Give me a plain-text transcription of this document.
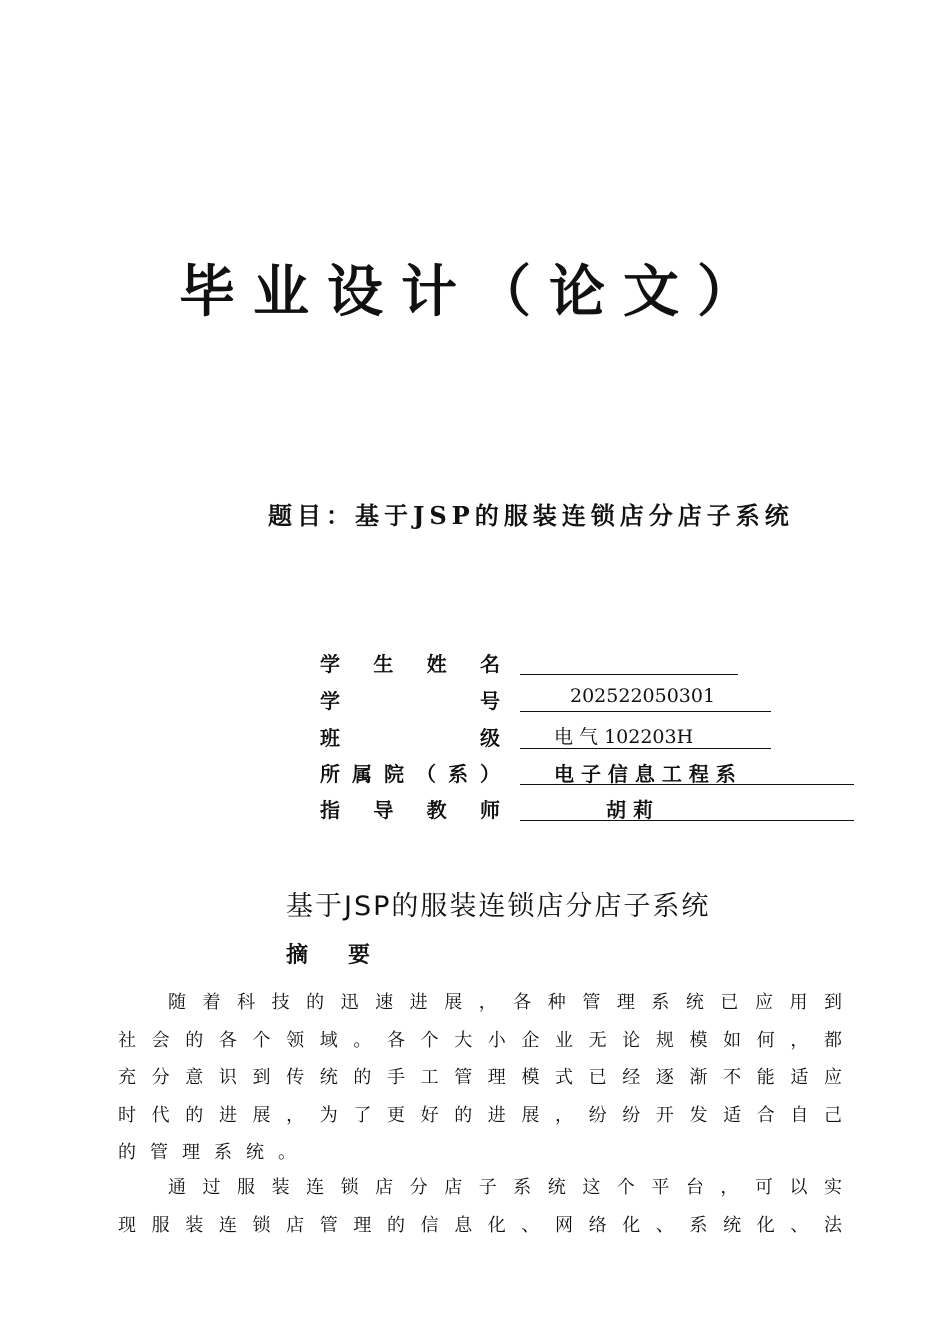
毕业设计（论文）
题目：基于JSP的服装连锁店分店子系统
学 生 姓 名
学	号	202522050301
班	级	电 气 102203H
所 属 院 （ 系 ）	电 子 信 息 工 程 系
指 导 教 师	胡 莉
基于JSP的服装连锁店分店子系统
摘 要
随着科技的迅速进展，各种管理系统已应用到
社会的各个领域。各个大小企业无论规模如何，都
充分意识到传统的手工管理模式已经逐渐不能适应
时代的进展，为了更好的进展，纷纷开发适合自己
的管理系统。
通过服装连锁店分店子系统这个平台，可以实
现服装连锁店管理的信息化、网络化、系统化、法
